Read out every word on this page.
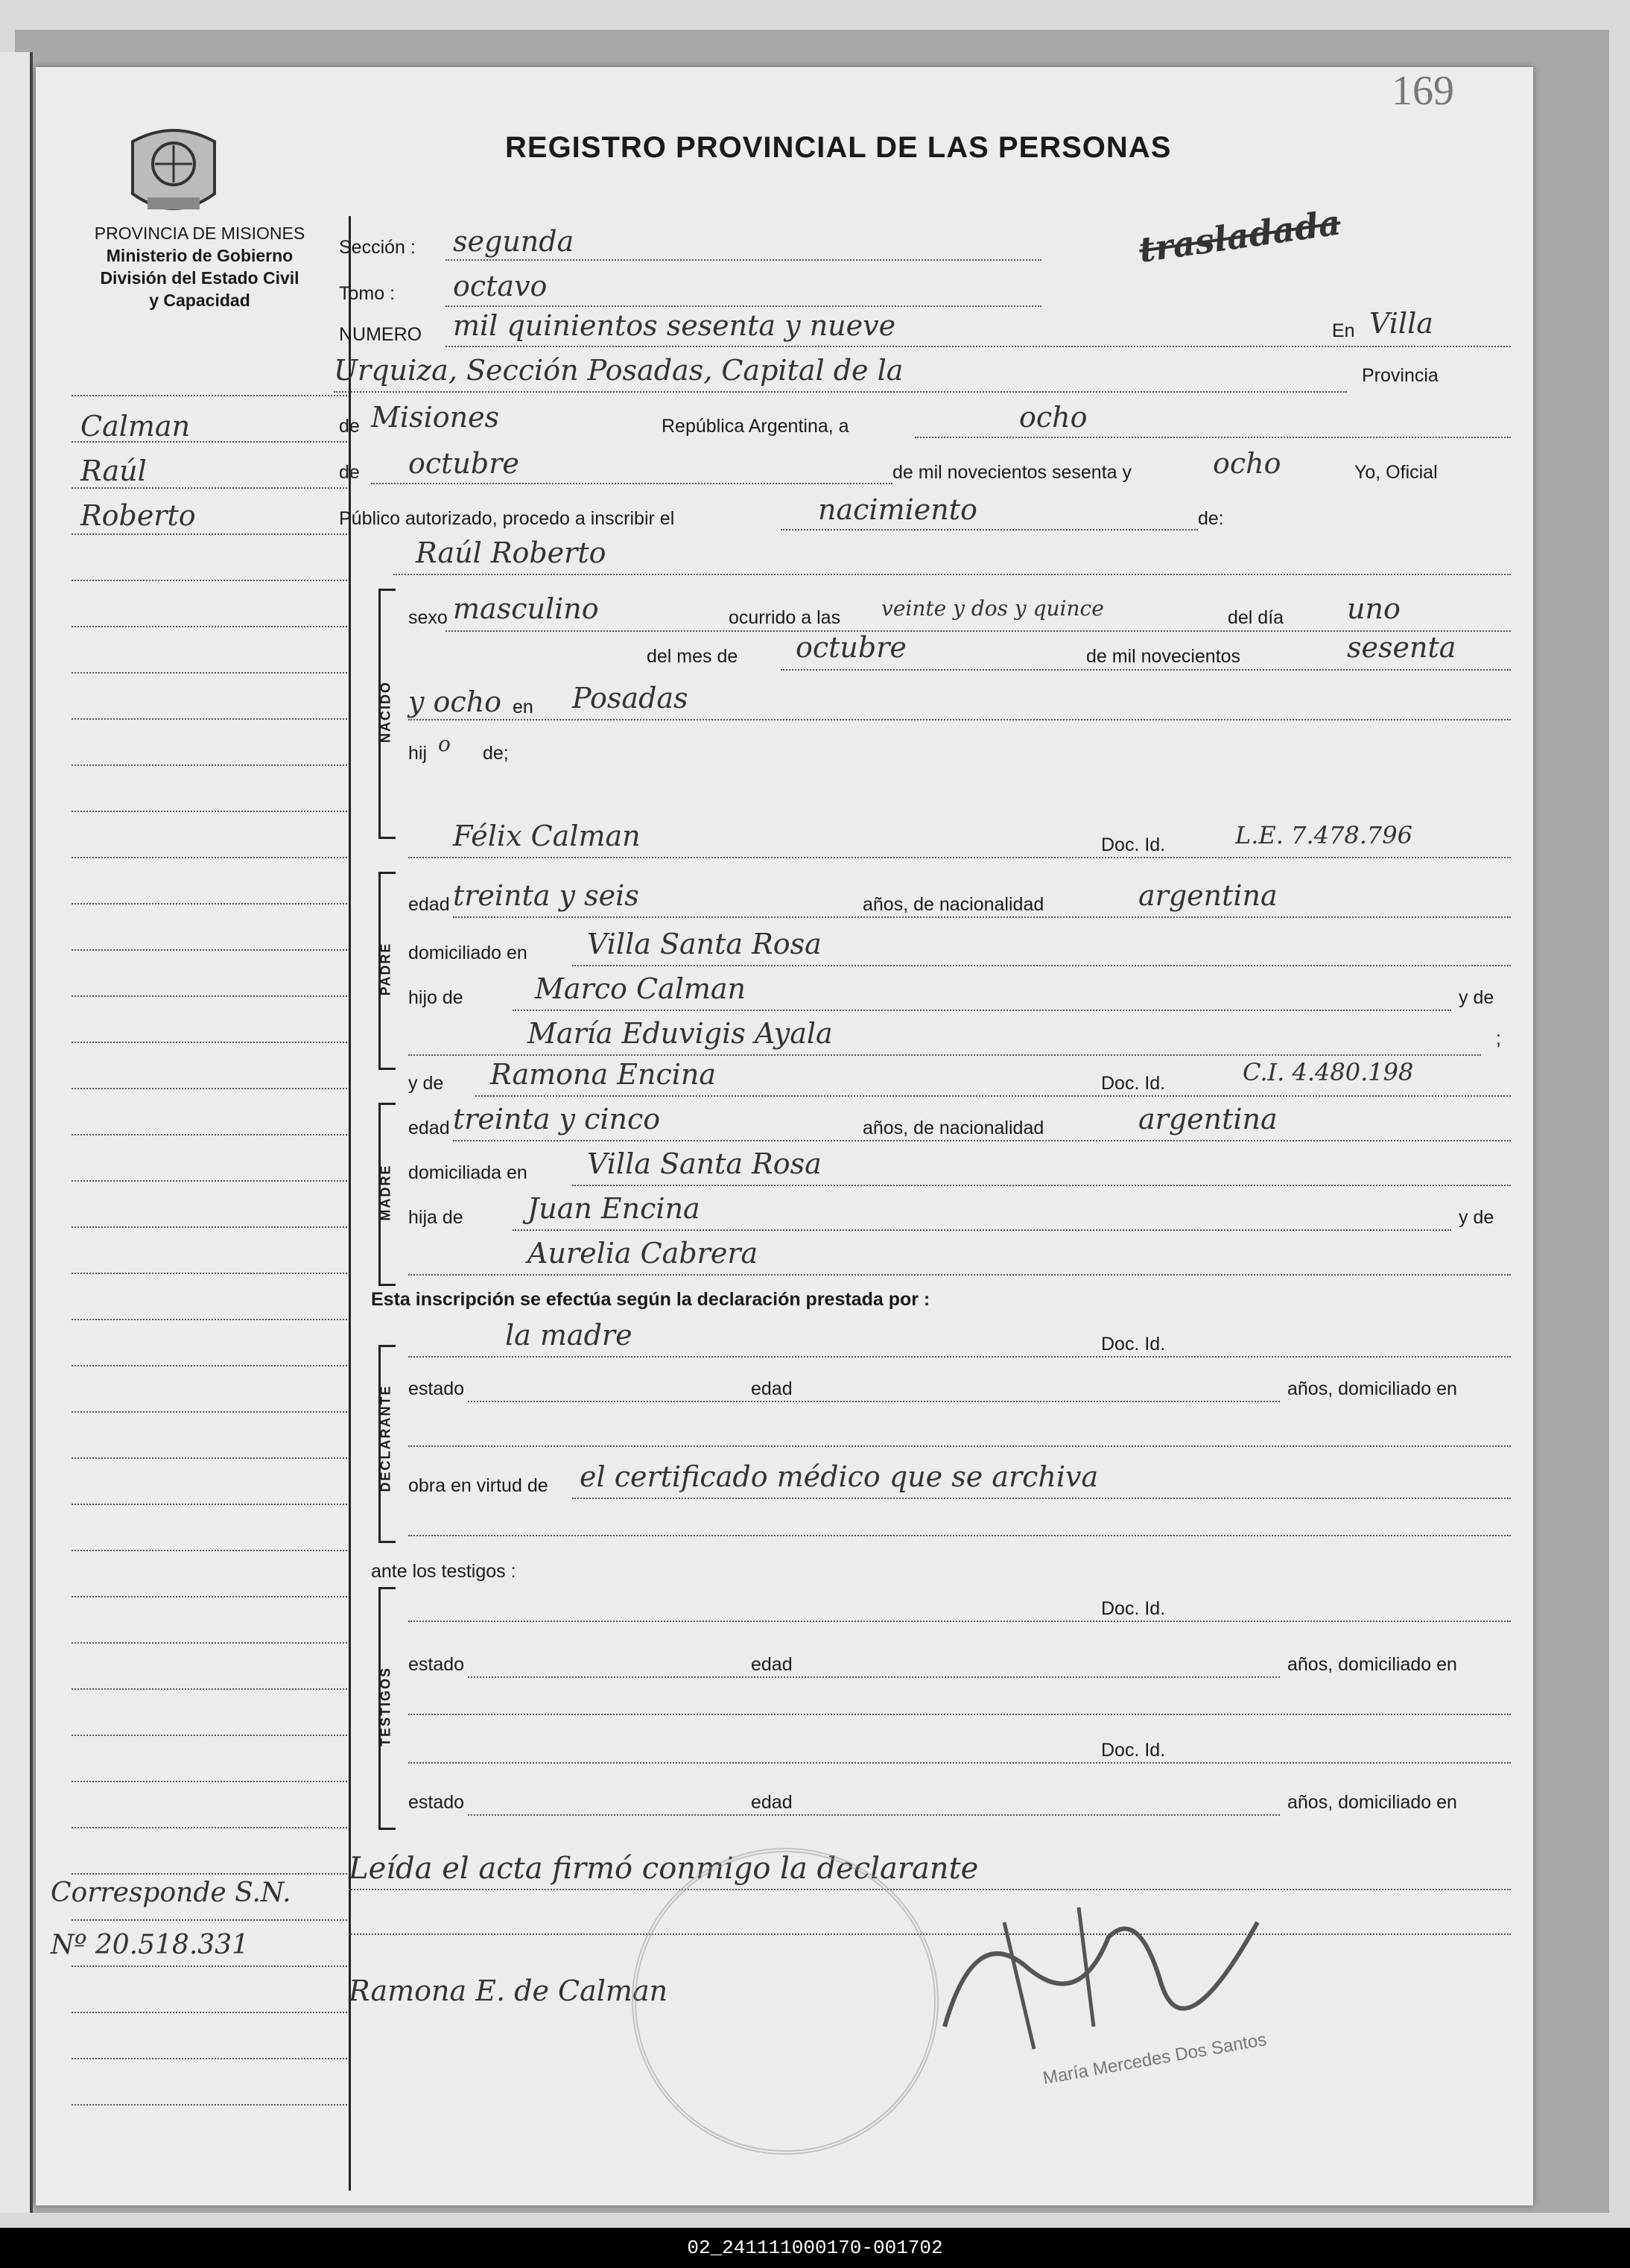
169
REGISTRO PROVINCIAL DE LAS PERSONAS
PROVINCIA DE MISIONES
Ministerio de Gobierno
División del Estado Civil
y Capacidad
Calman
Raúl
Roberto
Corresponde S.N.
Nº 20.518.331
Sección : segunda	trasladada
Tomo : octavo
NUMERO mil quinientos sesenta y nueve	En Villa
Urquiza, Sección Posadas, Capital de la	Provincia
de Misiones	República Argentina, a	ocho
de octubre	de mil novecientos sesenta y	ocho	Yo, Oficial
Público autorizado, procedo a inscribir el	nacimiento	de:
Raúl Roberto
NACIDO
sexo masculino	ocurrido a las veinte y dos y quince	del día uno
del mes de octubre	de mil novecientos	sesenta
y ocho en Posadas
hij o de;
Félix Calman	Doc. Id.	L.E. 7.478.796
PADRE
edad treinta y seis	años, de nacionalidad	argentina
domiciliado en Villa Santa Rosa
hijo de	Marco Calman	y de
María Eduvigis Ayala	;
y de Ramona Encina	Doc. Id.	C.I. 4.480.198
MADRE
edad treinta y cinco	años, de nacionalidad	argentina
domiciliada en Villa Santa Rosa
hija de Juan Encina	y de
Aurelia Cabrera
Esta inscripción se efectúa según la declaración prestada por :
la madre	Doc. Id.
DECLARANTE estado	edad	años, domiciliado en
obra en virtud de el certificado médico que se archiva
ante los testigos :
TESTIGOS
Doc. Id.
estado	edad	años, domiciliado en
Doc. Id.
estado	edad	años, domiciliado en
Leída el acta firmó conmigo la declarante
Ramona E. de Calman
María Mercedes Dos Santos
02_241111000170-001702
